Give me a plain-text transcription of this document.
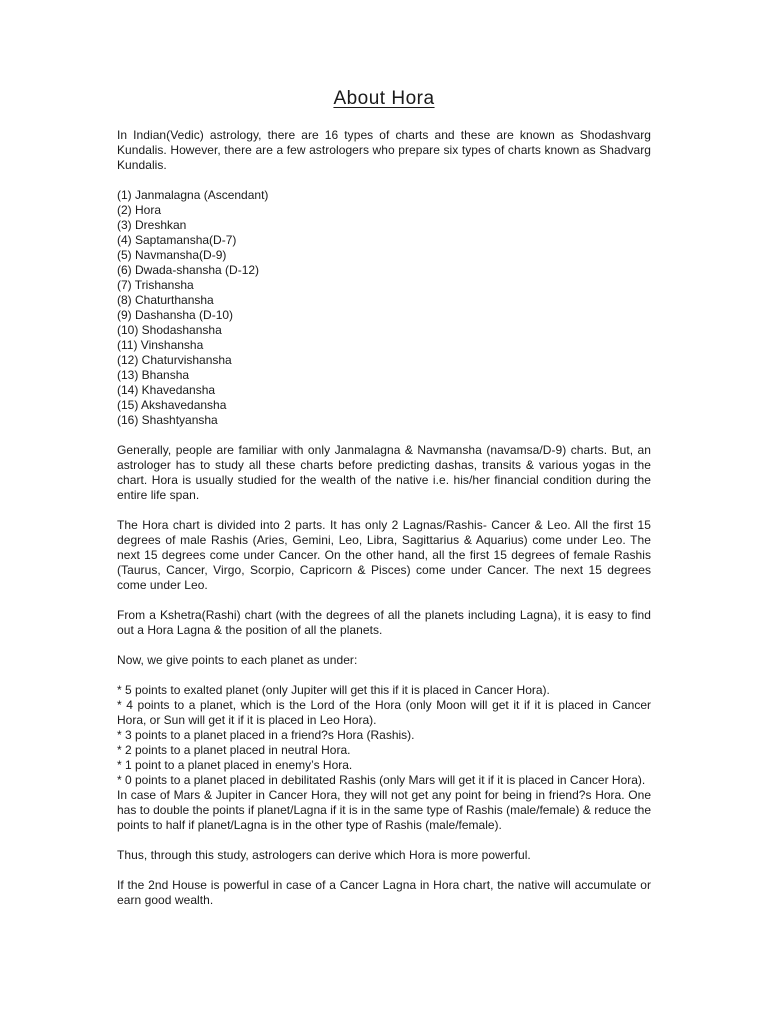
About Hora

In Indian(Vedic) astrology, there are 16 types of charts and these are known as Shodashvarg Kundalis. However, there are a few astrologers who prepare six types of charts known as Shadvarg Kundalis.

(1) Janmalagna (Ascendant)
(2) Hora
(3) Dreshkan
(4) Saptamansha(D-7)
(5) Navmansha(D-9)
(6) Dwada-shansha (D-12)
(7) Trishansha
(8) Chaturthansha
(9) Dashansha (D-10)
(10) Shodashansha
(11) Vinshansha
(12) Chaturvishansha
(13) Bhansha
(14) Khavedansha
(15) Akshavedansha
(16) Shashtyansha

Generally, people are familiar with only Janmalagna & Navmansha (navamsa/D-9) charts. But, an astrologer has to study all these charts before predicting dashas, transits & various yogas in the chart. Hora is usually studied for the wealth of the native i.e. his/her financial condition during the entire life span.

The Hora chart is divided into 2 parts. It has only 2 Lagnas/Rashis- Cancer & Leo. All the first 15 degrees of male Rashis (Aries, Gemini, Leo, Libra, Sagittarius & Aquarius) come under Leo. The next 15 degrees come under Cancer. On the other hand, all the first 15 degrees of female Rashis (Taurus, Cancer, Virgo, Scorpio, Capricorn & Pisces) come under Cancer. The next 15 degrees come under Leo.

From a Kshetra(Rashi) chart (with the degrees of all the planets including Lagna), it is easy to find out a Hora Lagna & the position of all the planets.

Now, we give points to each planet as under:

* 5 points to exalted planet (only Jupiter will get this if it is placed in Cancer Hora).
* 4 points to a planet, which is the Lord of the Hora (only Moon will get it if it is placed in Cancer Hora, or Sun will get it if it is placed in Leo Hora).
* 3 points to a planet placed in a friend?s Hora (Rashis).
* 2 points to a planet placed in neutral Hora.
* 1 point to a planet placed in enemy’s Hora.
* 0 points to a planet placed in debilitated Rashis (only Mars will get it if it is placed in Cancer Hora).
In case of Mars & Jupiter in Cancer Hora, they will not get any point for being in friend?s Hora. One has to double the points if planet/Lagna if it is in the same type of Rashis (male/female) & reduce the points to half if planet/Lagna is in the other type of Rashis (male/female).

Thus, through this study, astrologers can derive which Hora is more powerful.

If the 2nd House is powerful in case of a Cancer Lagna in Hora chart, the native will accumulate or earn good wealth.
